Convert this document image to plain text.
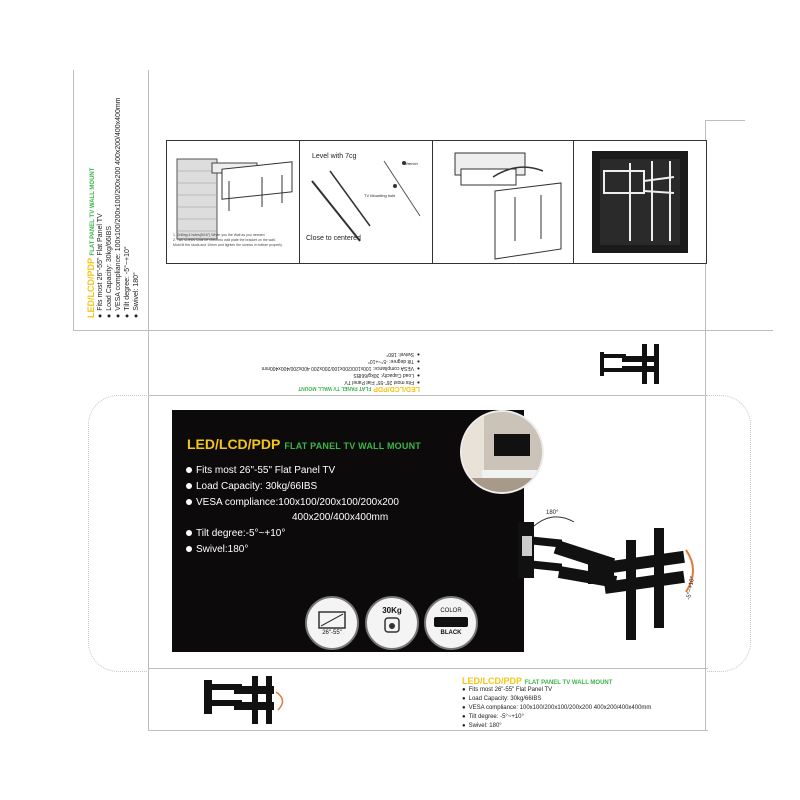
LED/LCD/PDP FLAT PANEL TV WALL MOUNT
● Fits most 26"-55" Flat Panel TV ● Load Capacity: 30kg/66IBS ● VESA compliance: 100x100/200x100/200x200 400x200/400x400mm ● Tilt degree: -5°~+10° ● Swivel: 180°
1. Drilling 4 holes(5/16") When you the Wall as you needed.
2. Two screws shall be fixed into wall plate the bracket on the wall.
Must fit the studs and 10mm and tighten the screws in bottom properly.
Level with 7cg
Close to centered
TV Mounting hole
Wrench
LED/LCD/PDP FLAT PANEL TV WALL MOUNT
● Fits most 26"-55" Flat Panel TV
● Load Capacity: 30kg/66IBS
● VESA compliance: 100x100/200x100/200x200 400x200/400x400mm
● Tilt degree: -5°~+10°
● Swivel: 180°
LED/LCD/PDP FLAT PANEL TV WALL MOUNT
Fits most 26"-55" Flat Panel TV
Load Capacity: 30kg/66IBS
VESA compliance:100x100/200x100/200x200
400x200/400x400mm
Tilt degree:-5°~+10°
Swivel:180°
26"-55"
30Kg	COLOR
BLACK
180°
-5°~+10°
LED/LCD/PDP FLAT PANEL TV WALL MOUNT
● Fits most 26"-55" Flat Panel TV
● Load Capacity: 30kg/66IBS
● VESA compliance: 100x100/200x100/200x200 400x200/400x400mm
● Tilt degree: -5°~+10°
● Swivel: 180°
